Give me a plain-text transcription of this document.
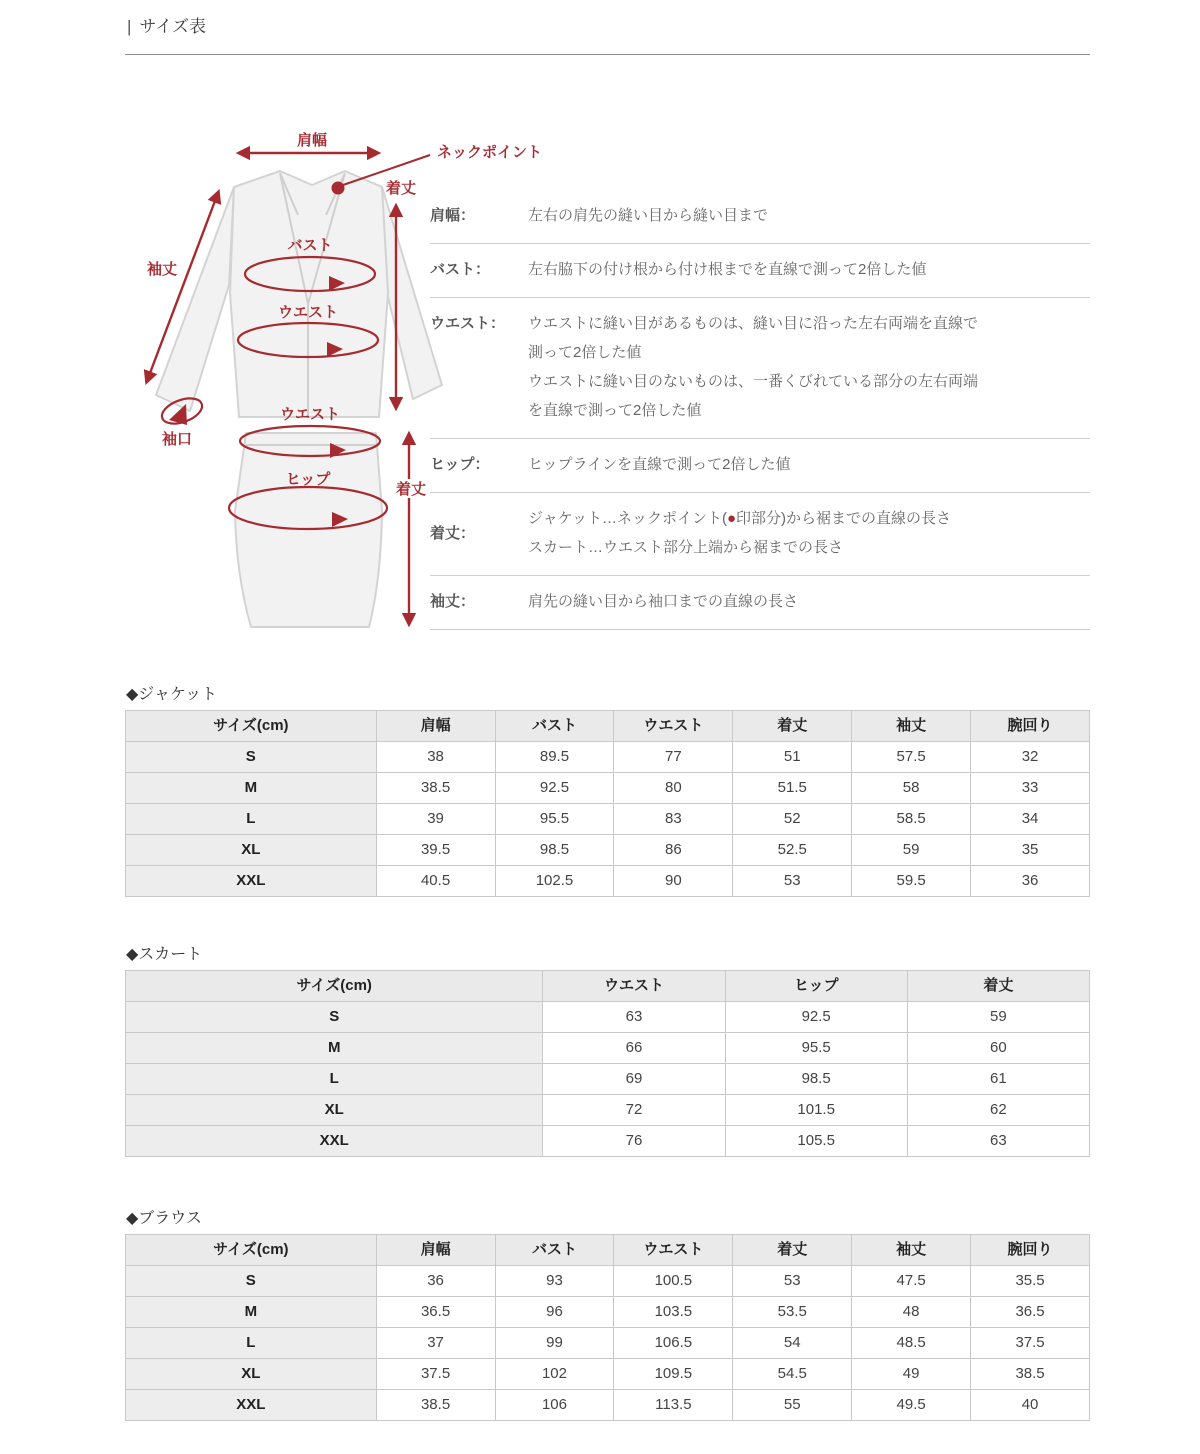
| サイズ表
肩幅
ネックポイント
着丈
袖丈
バスト
ウエスト
袖口
ウエスト
ヒップ
着丈
肩幅：	左右の肩先の縫い目から縫い目まで
バスト：	左右脇下の付け根から付け根までを直線で測って2倍した値
ウエスト：	ウエストに縫い目があるものは、縫い目に沿った左右両端を直線で
測って2倍した値
ウエストに縫い目のないものは、一番くびれている部分の左右両端
を直線で測って2倍した値
ヒップ：	ヒップラインを直線で測って2倍した値
着丈：
ジャケット…ネックポイント(●印部分)から裾までの直線の長さ
スカート…ウエスト部分上端から裾までの長さ
袖丈：	肩先の縫い目から袖口までの直線の長さ
◆ジャケット
サイズ(cm)	肩幅	バスト	ウエスト	着丈	袖丈	腕回り
S	38	89.5	77	51	57.5	32
M	38.5	92.5	80	51.5	58	33
L	39	95.5	83	52	58.5	34
XL	39.5	98.5	86	52.5	59	35
XXL	40.5	102.5	90	53	59.5	36
◆スカート
サイズ(cm)	ウエスト	ヒップ	着丈
S	63	92.5	59
M	66	95.5	60
L	69	98.5	61
XL	72	101.5	62
XXL	76	105.5	63
◆ブラウス
サイズ(cm)	肩幅	バスト	ウエスト	着丈	袖丈	腕回り
S	36	93	100.5	53	47.5	35.5
M	36.5	96	103.5	53.5	48	36.5
L	37	99	106.5	54	48.5	37.5
XL	37.5	102	109.5	54.5	49	38.5
XXL	38.5	106	113.5	55	49.5	40
